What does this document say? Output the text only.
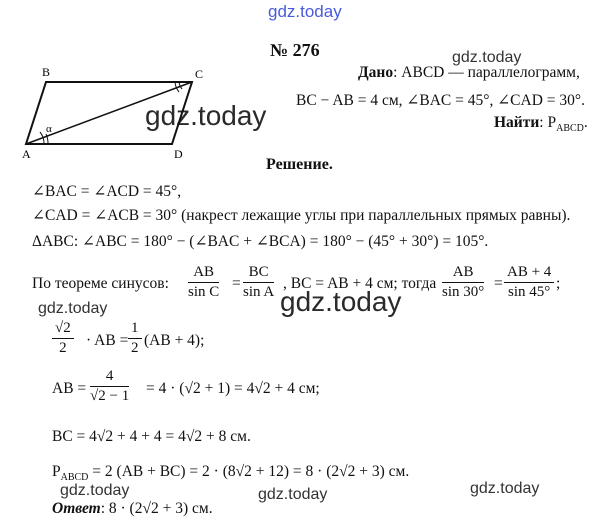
gdz.today
gdz.today
gdz.today
gdz.today	gdz.today
gdz.today	gdz.today	gdz.today
№ 276
B	C
A	D
α
Дано: ABCD — параллелограмм,
BC − AB = 4 см, ∠BAC = 45°, ∠CAD = 30°.
Найти: $P_{ABCD}$.
Решение.
∠BAC = ∠ACD = 45°,
∠CAD = ∠ACB = 30° (накрест лежащие углы при параллельных прямых равны).
ΔABC: ∠ABC = 180° − (∠BAC + ∠BCA) = 180° − (45° + 30°) = 105°.
По теореме синусов: $\frac{AB}{\text{sin C}} = \frac{BC}{\text{sin A}}$ , BC = AB + 4 см; тогда $\frac{AB}{\sin 30^\circ} = \frac{AB + 4}{\sin 45^\circ}$ ;
$\frac{√2}{2}$ · AB = $\frac{1}{2} (AB + 4)$;
AB = $\frac{4}{√2 - 1} = 4 \cdot (√2 + 1) = 4√2 + 4$ см;
BC = 4√2 + 4 + 4 = 4√2 + 8 см.
$P_{ABCD} = 2$ (AB + BC) = 2 · (8√2 + 12) = 8 · (2√2 + 3) см.
Ответ: 8 · (2√2 + 3) см.
